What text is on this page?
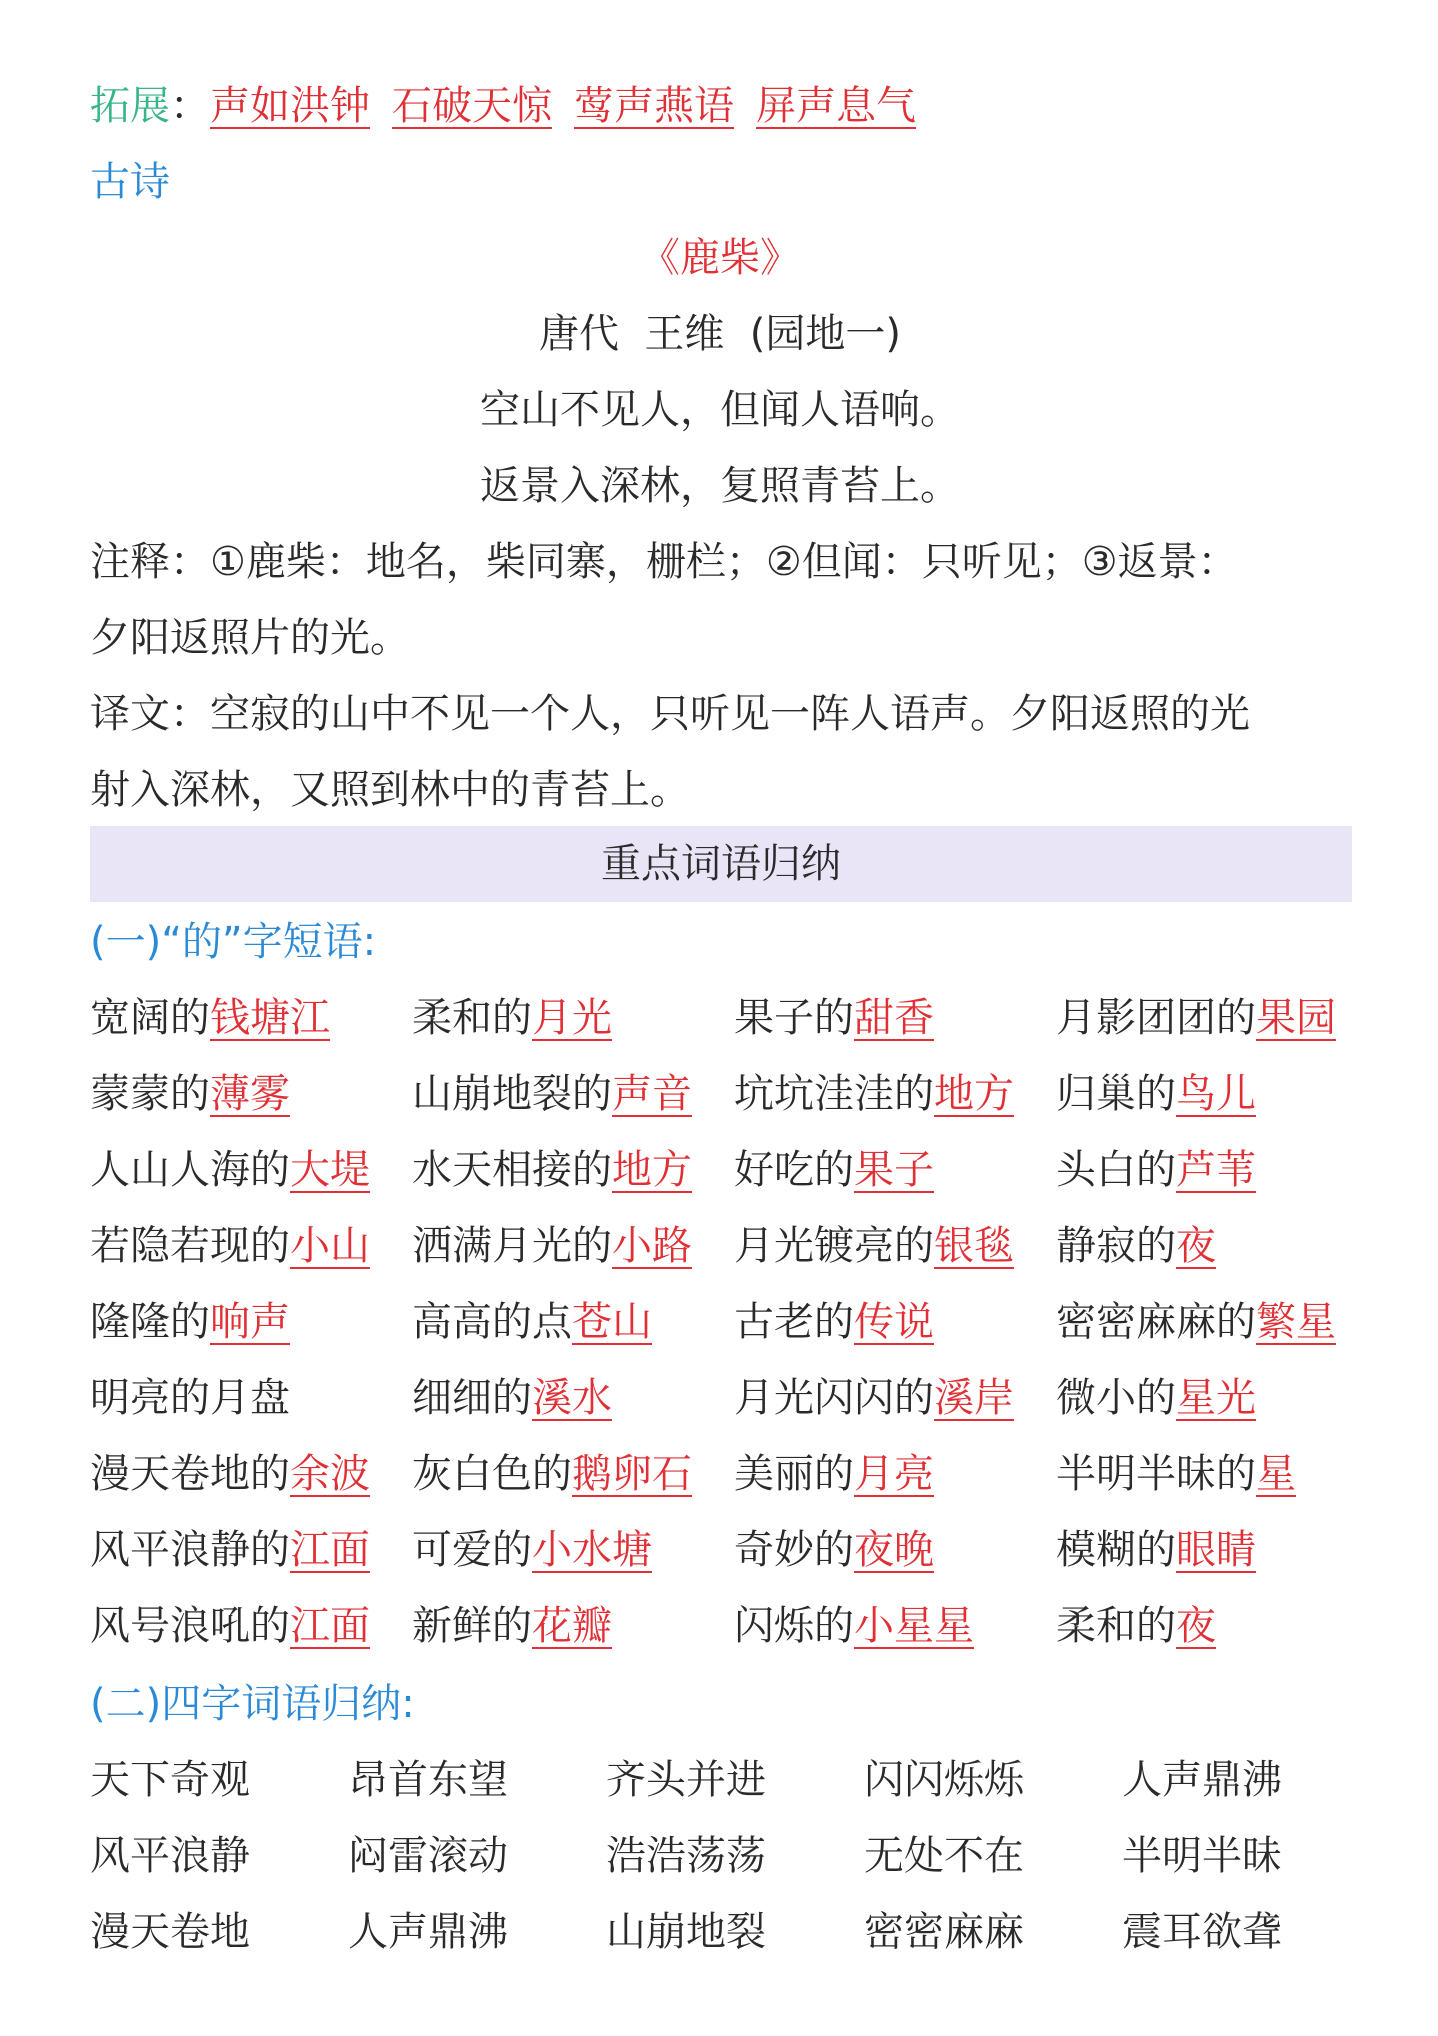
拓展：声如洪钟 石破天惊 莺声燕语 屏声息气
古诗
《鹿柴》
唐代  王维  (园地一)
空山不见人，但闻人语响。
返景入深林，复照青苔上。
注释：①鹿柴：地名，柴同寨，栅栏；②但闻：只听见；③返景：
夕阳返照片的光。
译文：空寂的山中不见一个人，只听见一阵人语声。夕阳返照的光
射入深林，又照到林中的青苔上。
重点词语归纳
(一)“的”字短语:
宽阔的钱塘江 柔和的月光	果子的甜香	月影团团的果园
蒙蒙的薄雾	山崩地裂的声音 坑坑洼洼的地方 归巢的鸟儿
人山人海的大堤 水天相接的地方 好吃的果子	头白的芦苇
若隐若现的小山 洒满月光的小路 月光镀亮的银毯 静寂的夜
隆隆的响声	高高的点苍山 古老的传说	密密麻麻的繁星
明亮的月盘	细细的溪水	月光闪闪的溪岸 微小的星光
漫天卷地的余波 灰白色的鹅卵石 美丽的月亮	半明半昧的星
风平浪静的江面 可爱的小水塘 奇妙的夜晚	模糊的眼睛
风号浪吼的江面 新鲜的花瓣	闪烁的小星星 柔和的夜
(二)四字词语归纳:
天下奇观 昂首东望 齐头并进 闪闪烁烁 人声鼎沸
风平浪静 闷雷滚动 浩浩荡荡 无处不在 半明半昧
漫天卷地 人声鼎沸 山崩地裂 密密麻麻 震耳欲聋
